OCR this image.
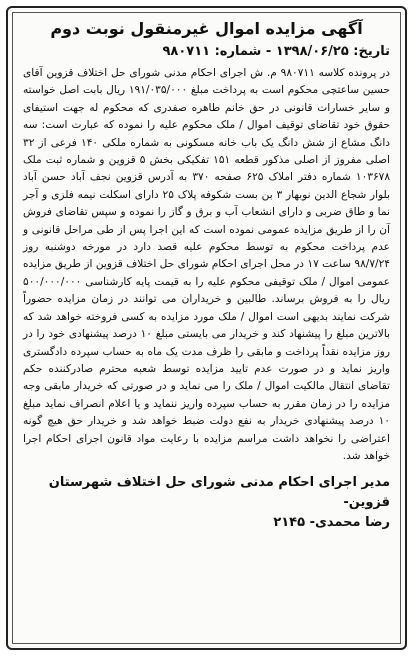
آگهی مزایده اموال غیرمنقول نوبت دوم
تاریخ: ۱۳۹۸/۰۶/۲۵ - شماره: ۹۸۰۷۱۱
در پرونده کلاسه ۹۸۰۷۱۱ م. ش اجرای احکام مدنی شورای حل اختلاف قزوین آقای حسین ساعتچی محکوم است به پرداخت مبلغ ۱۹۱/۰۳۵/۰۰۰ ریال بابت اصل خواسته و سایر خسارات قانونی در حق خانم طاهره صفدری که محکوم له جهت استیفای حقوق خود تقاضای توقیف اموال / ملک محکوم علیه را نموده که عبارت است: سه دانگ مشاع از شش دانگ یک باب خانه مسکونی به شماره ملکی ۱۴۰ فرعی از ۳۲ اصلی مفروز از اصلی مذکور قطعه ۱۵۱ تفکیکی بخش ۵ قزوین و شماره ثبت ملک ۱۰۳۶۷۸ شماره دفتر املاک ۶۲۵ صفحه ۳۷۰ به آدرس قزوین نجف آباد حسن آباد بلوار شجاع الدین نوبهار ۳ بن بست شکوفه پلاک ۲۵ دارای اسکلت نیمه فلزی و آجر نما و طاق ضربی و دارای انشعاب آب و برق و گاز را نموده و سپس تقاضای فروش آن را از طریق مزایده عمومی نموده است که این اجرا پس از طی مراحل قانونی و عدم پرداخت محکوم به توسط محکوم علیه قصد دارد در مورخه دوشنبه روز ۹۸/۷/۲۴ ساعت ۱۷ در محل اجرای احکام شورای حل اختلاف قزوین از طریق مزایده عمومی اموال / ملک توقیفی محکوم علیه را به قیمت پایه کارشناسی ۵۰۰/۰۰۰/۰۰۰ ریال را به فروش برساند. طالبین و خریداران می توانند در زمان مزایده حضوراً شرکت نمایند بدیهی است اموال / ملک مورد مزایده به کسی فروخته خواهد شد که بالاترین مبلغ را پیشنهاد کند و خریدار می بایستی مبلغ ۱۰ درصد پیشنهادی خود را در روز مزایده نقداً پرداخت و مابقی را ظرف مدت یک ماه به حساب سپرده دادگستری واریز نماید و در صورت عدم تایید مزایده توسط شعبه محترم صادرکننده حکم تقاضای انتقال مالکیت اموال / ملک را می نماید و در صورتی که خریدار مابقی وجه مزایده را در زمان مقرر به حساب سپرده واریز ننماید و یا اعلام انصراف نماید مبلغ ۱۰ درصد پیشنهادی خریدار به نفع دولت ضبط خواهد شد و خریدار حق هیچ گونه اعتراضی را نخواهد داشت مراسم مزایده با رعایت مواد قانون اجرای احکام اجرا خواهد شد.
مدیر اجرای احکام مدنی شورای حل اختلاف شهرستان قزوین-
رضا محمدی- ۲۱۴۵
